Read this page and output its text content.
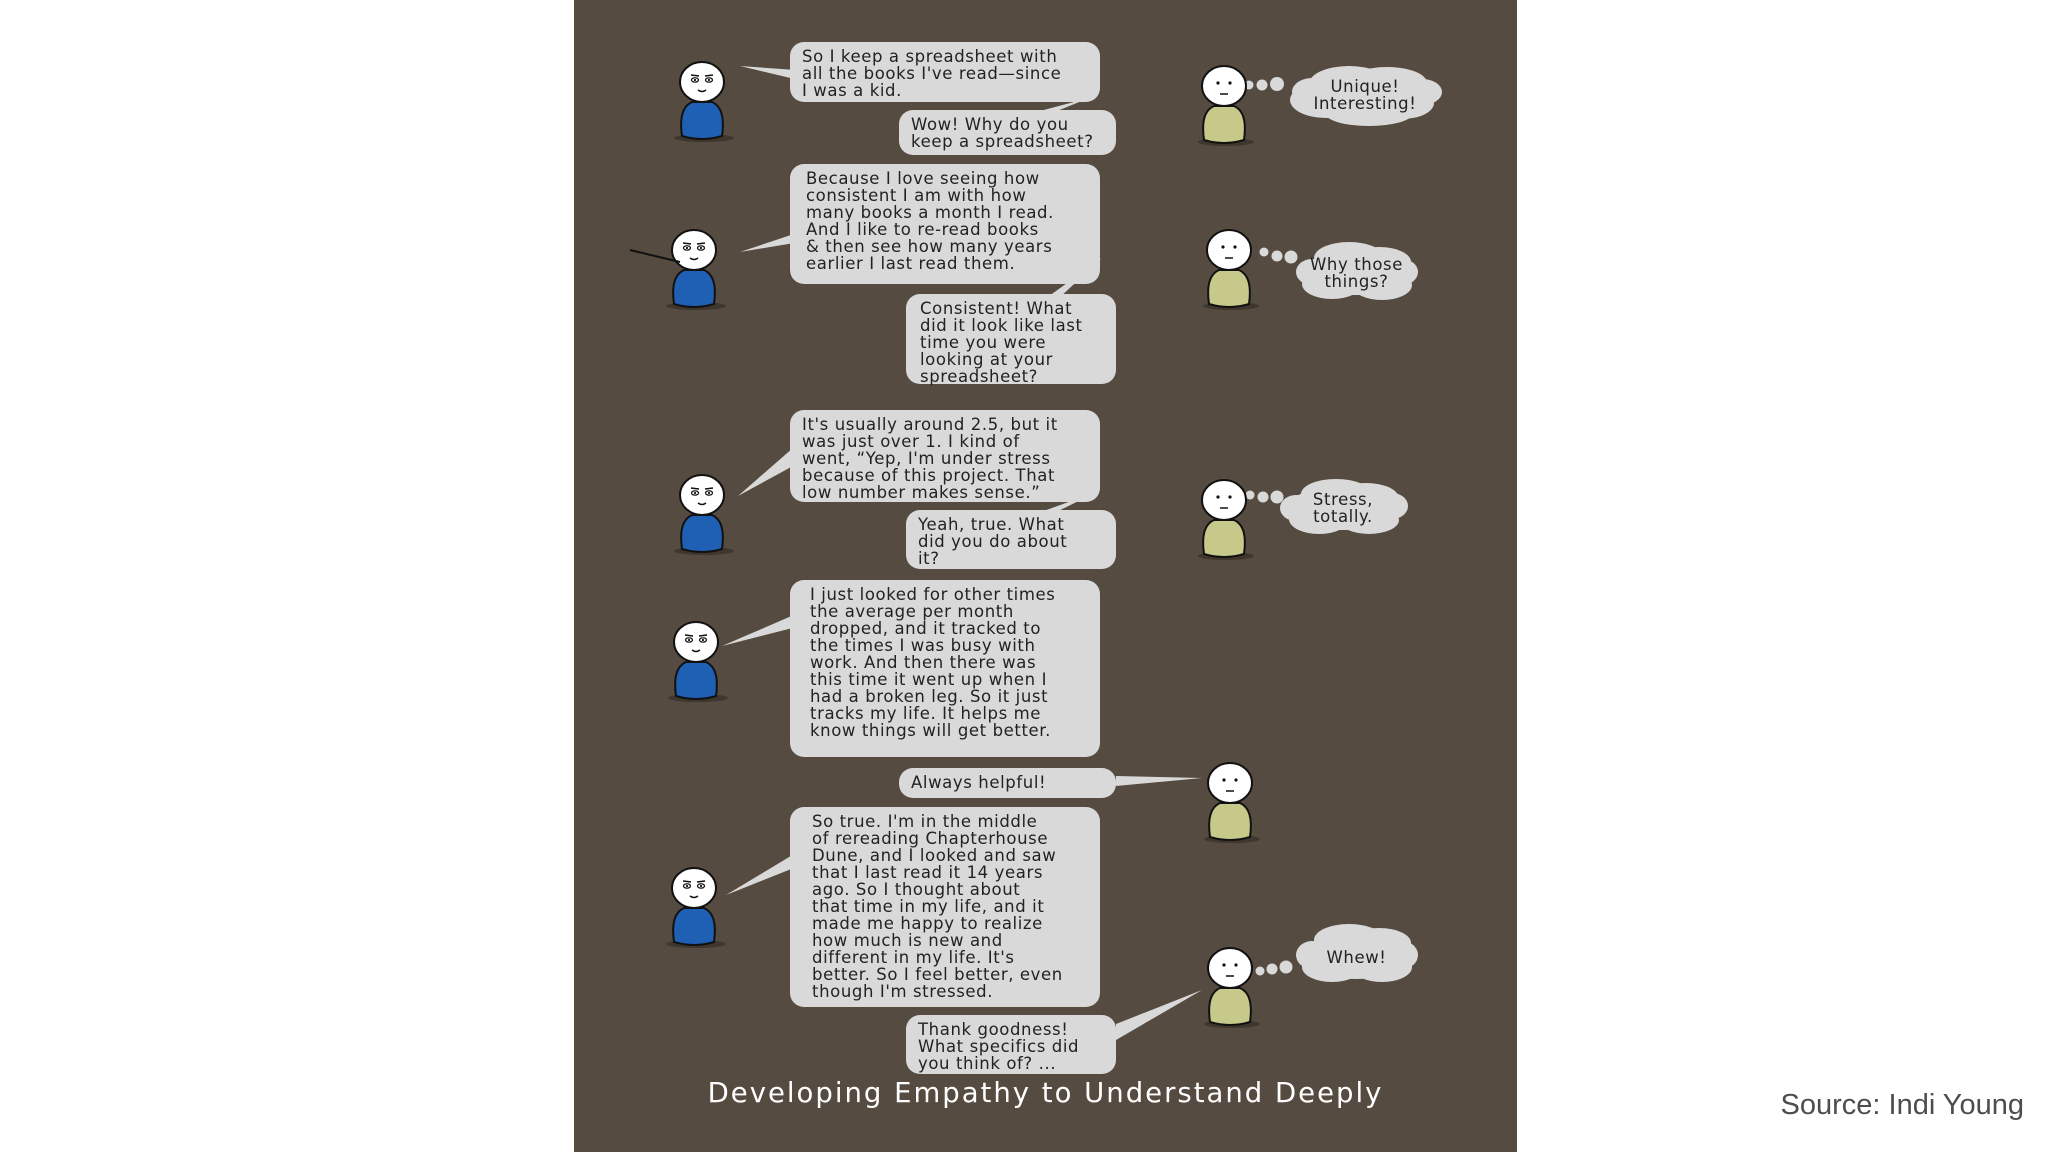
So I keep a spreadsheet with
all the books I've read—since
I was a kid.
Wow! Why do you
keep a spreadsheet?
Because I love seeing how
consistent I am with how
many books a month I read.
And I like to re-read books
& then see how many years
earlier I last read them.
Consistent! What
did it look like last
time you were
looking at your
spreadsheet?
It's usually around 2.5, but it
was just over 1. I kind of
went, “Yep, I'm under stress
because of this project. That
low number makes sense.”
Yeah, true. What
did you do about
it?
I just looked for other times
the average per month
dropped, and it tracked to
the times I was busy with
work. And then there was
this time it went up when I
had a broken leg. So it just
tracks my life. It helps me
know things will get better.
Always helpful!
So true. I'm in the middle
of rereading Chapterhouse
Dune, and I looked and saw
that I last read it 14 years
ago. So I thought about
that time in my life, and it
made me happy to realize
how much is new and
different in my life. It's
better. So I feel better, even
though I'm stressed.
Thank goodness!
What specifics did
you think of? ...
Unique!
Interesting!
Why those
things?
Stress,
totally.
Whew!
Developing Empathy to Understand Deeply	Source: Indi Young
